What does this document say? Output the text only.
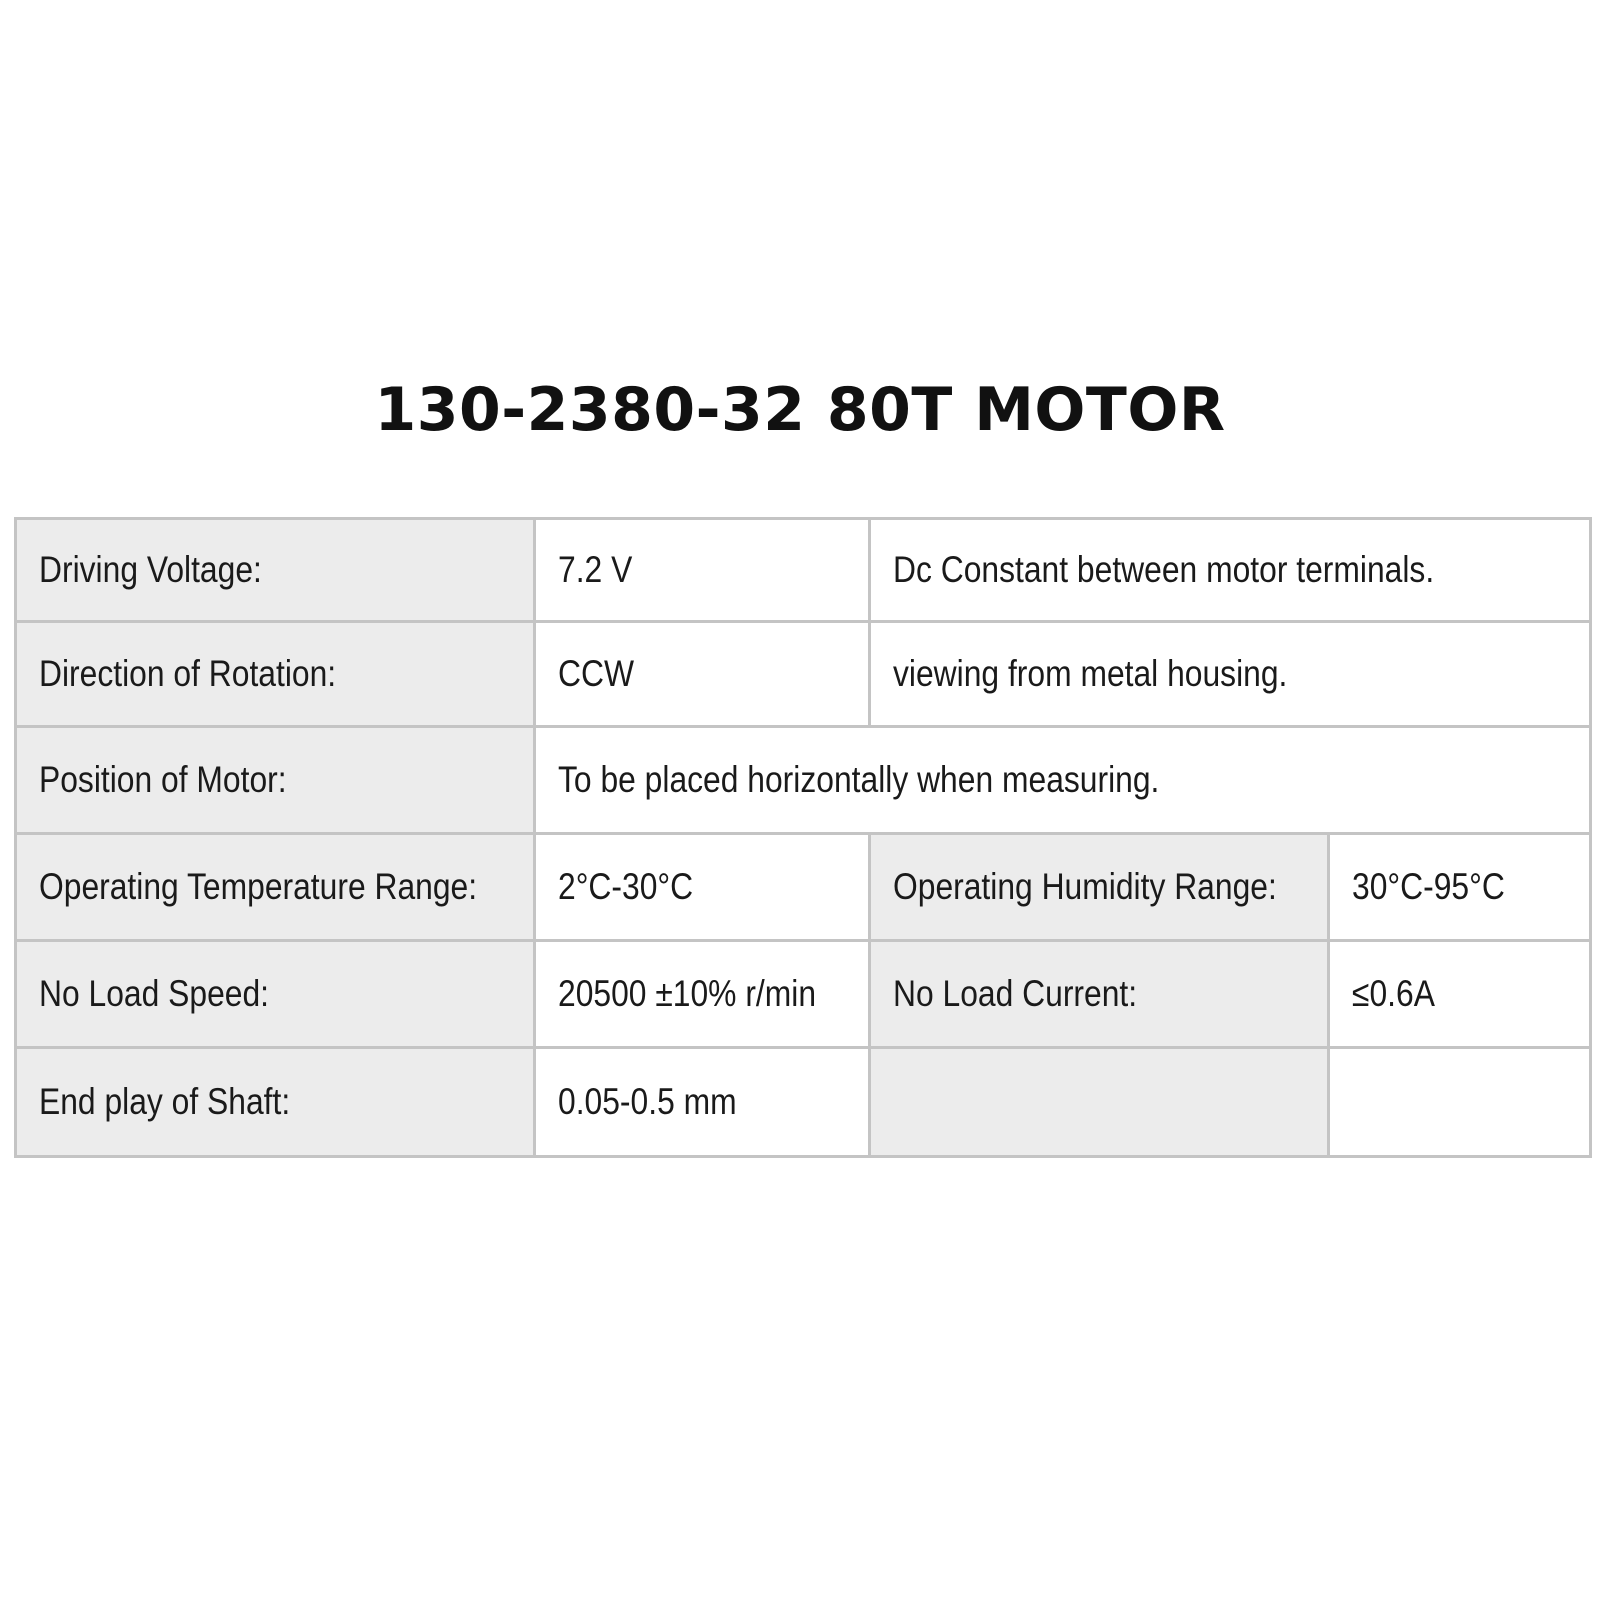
130-2380-32 80T MOTOR
Driving Voltage:	7.2 V	Dc Constant between motor terminals.	
Direction of Rotation:	CCW	viewing from metal housing.	
Position of Motor:	To be placed horizontally when measuring.		
Operating Temperature Range:	2°C-30°C	Operating Humidity Range:	30°C-95°C
No Load Speed:	20500 ±10% r/min	No Load Current:	≤0.6A
End play of Shaft:	0.05-0.5 mm		
